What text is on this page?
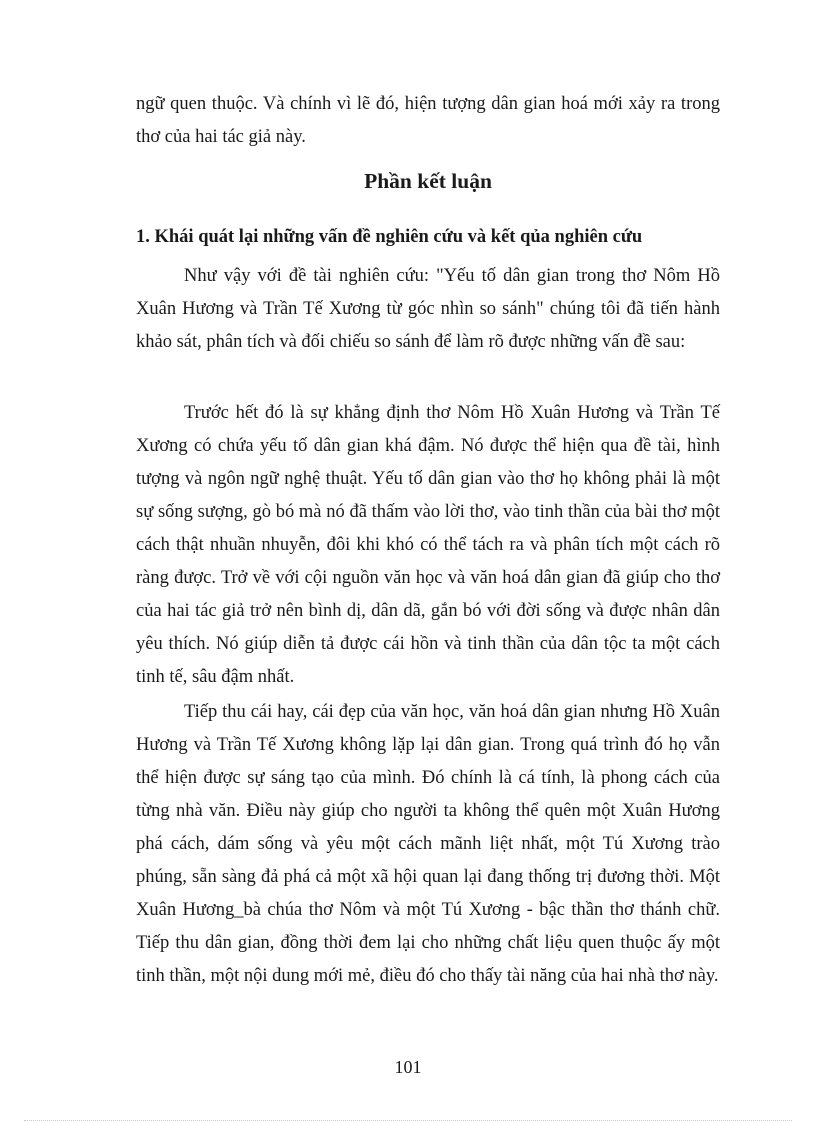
ngữ quen thuộc. Và chính vì lẽ đó, hiện tượng dân gian hoá mới xảy ra trong thơ của hai tác giả này.

Phần kết luận
1. Khái quát lại những vấn đề nghiên cứu và kết qủa nghiên cứu

Như vậy với đề tài nghiên cứu: "Yếu tố dân gian trong thơ Nôm Hồ Xuân Hương và Trần Tế Xương từ góc nhìn so sánh" chúng tôi đã tiến hành khảo sát, phân tích và đối chiếu so sánh để làm rõ được những vấn đề sau:

Trước hết đó là sự khẳng định thơ Nôm Hồ Xuân Hương và Trần Tế Xương có chứa yếu tố dân gian khá đậm. Nó được thể hiện qua đề tài, hình tượng và ngôn ngữ nghệ thuật. Yếu tố dân gian vào thơ họ không phải là một sự sống sượng, gò bó mà nó đã thấm vào lời thơ, vào tinh thần của bài thơ một cách thật nhuần nhuyễn, đôi khi khó có thể tách ra và phân tích một cách rõ ràng được. Trở về với cội nguồn văn học và văn hoá dân gian đã giúp cho thơ của hai tác giả trở nên bình dị, dân dã, gắn bó với đời sống và được nhân dân yêu thích. Nó giúp diễn tả được cái hồn và tinh thần của dân tộc ta một cách tinh tế, sâu đậm nhất.

Tiếp thu cái hay, cái đẹp của văn học, văn hoá dân gian nhưng Hồ Xuân Hương và Trần Tế Xương không lặp lại dân gian. Trong quá trình đó họ vẫn thể hiện được sự sáng tạo của mình. Đó chính là cá tính, là phong cách của từng nhà văn. Điều này giúp cho người ta không thể quên một Xuân Hương phá cách, dám sống và yêu một cách mãnh liệt nhất, một Tú Xương trào phúng, sẵn sàng đả phá cả một xã hội quan lại đang thống trị đương thời. Một Xuân Hương_bà chúa thơ Nôm và một Tú Xương - bậc thần thơ thánh chữ. Tiếp thu dân gian, đồng thời đem lại cho những chất liệu quen thuộc ấy một tinh thần, một nội dung mới mẻ, điều đó cho thấy tài năng của hai nhà thơ này.

101
